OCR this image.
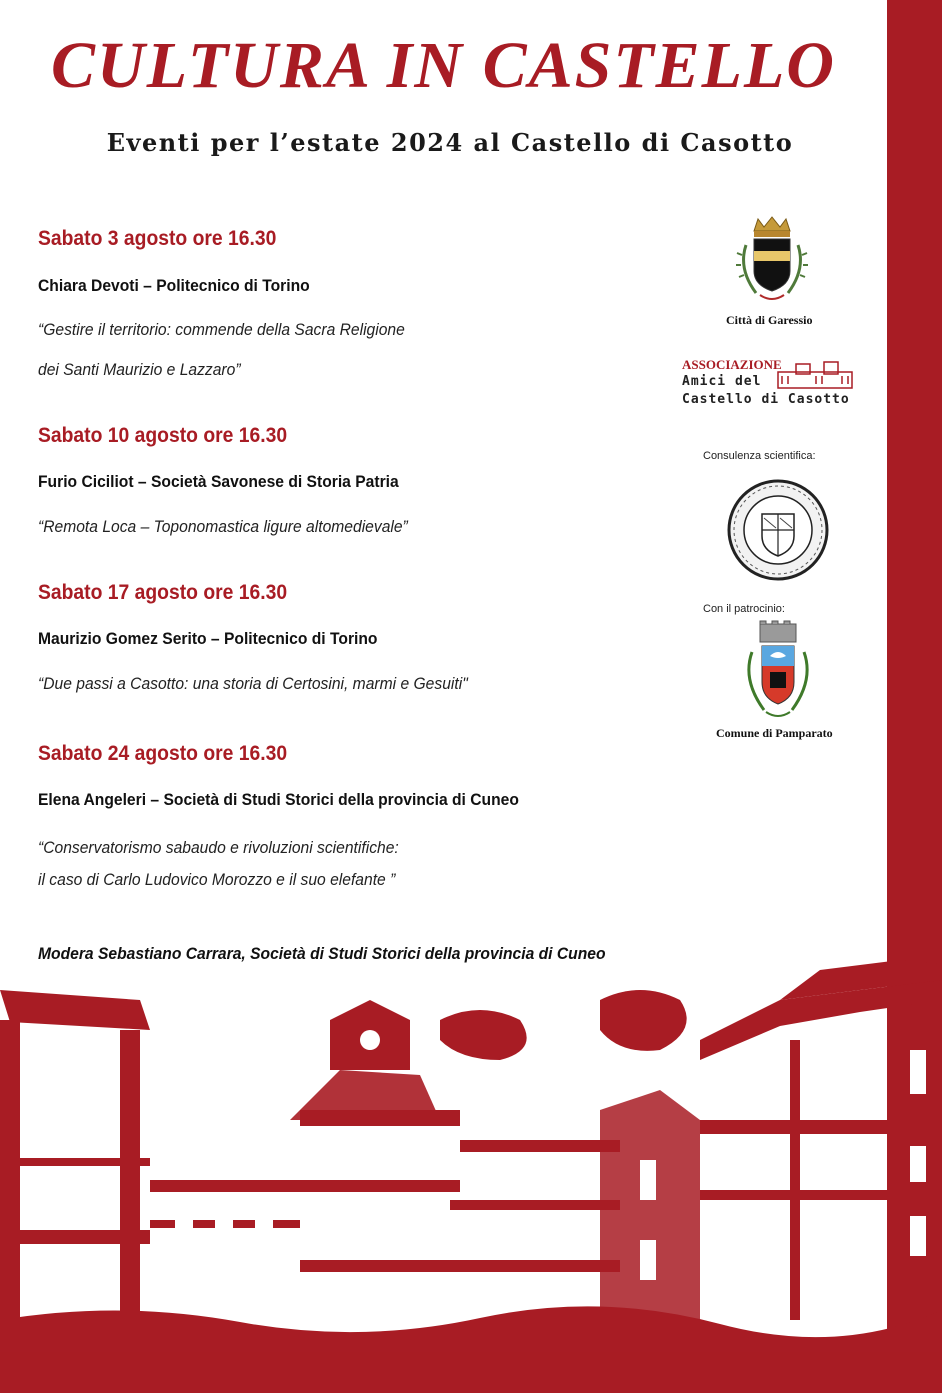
CULTURA IN CASTELLO
Eventi per l’estate 2024 al Castello di Casotto
Sabato 3 agosto ore 16.30
Chiara Devoti – Politecnico di Torino
“Gestire il territorio: commende della Sacra Religione
dei Santi Maurizio e Lazzaro”
Sabato 10 agosto ore 16.30
Furio Ciciliot – Società Savonese di Storia Patria
“Remota Loca – Toponomastica ligure altomedievale”
Sabato 17 agosto ore 16.30
Maurizio Gomez Serito – Politecnico di Torino
“Due passi a Casotto: una storia di Certosini, marmi e Gesuiti"
Sabato 24 agosto ore 16.30
Elena Angeleri – Società di Studi Storici della provincia di Cuneo
“Conservatorismo sabaudo e rivoluzioni scientifiche:
il caso di Carlo Ludovico Morozzo e il suo elefante ”
Modera Sebastiano Carrara, Società di Studi Storici della provincia di Cuneo
Città di Garessio
ASSOCIAZIONE
Amici del
Castello di Casotto
Consulenza scientifica:
Con il patrocinio:
Comune di Pamparato
